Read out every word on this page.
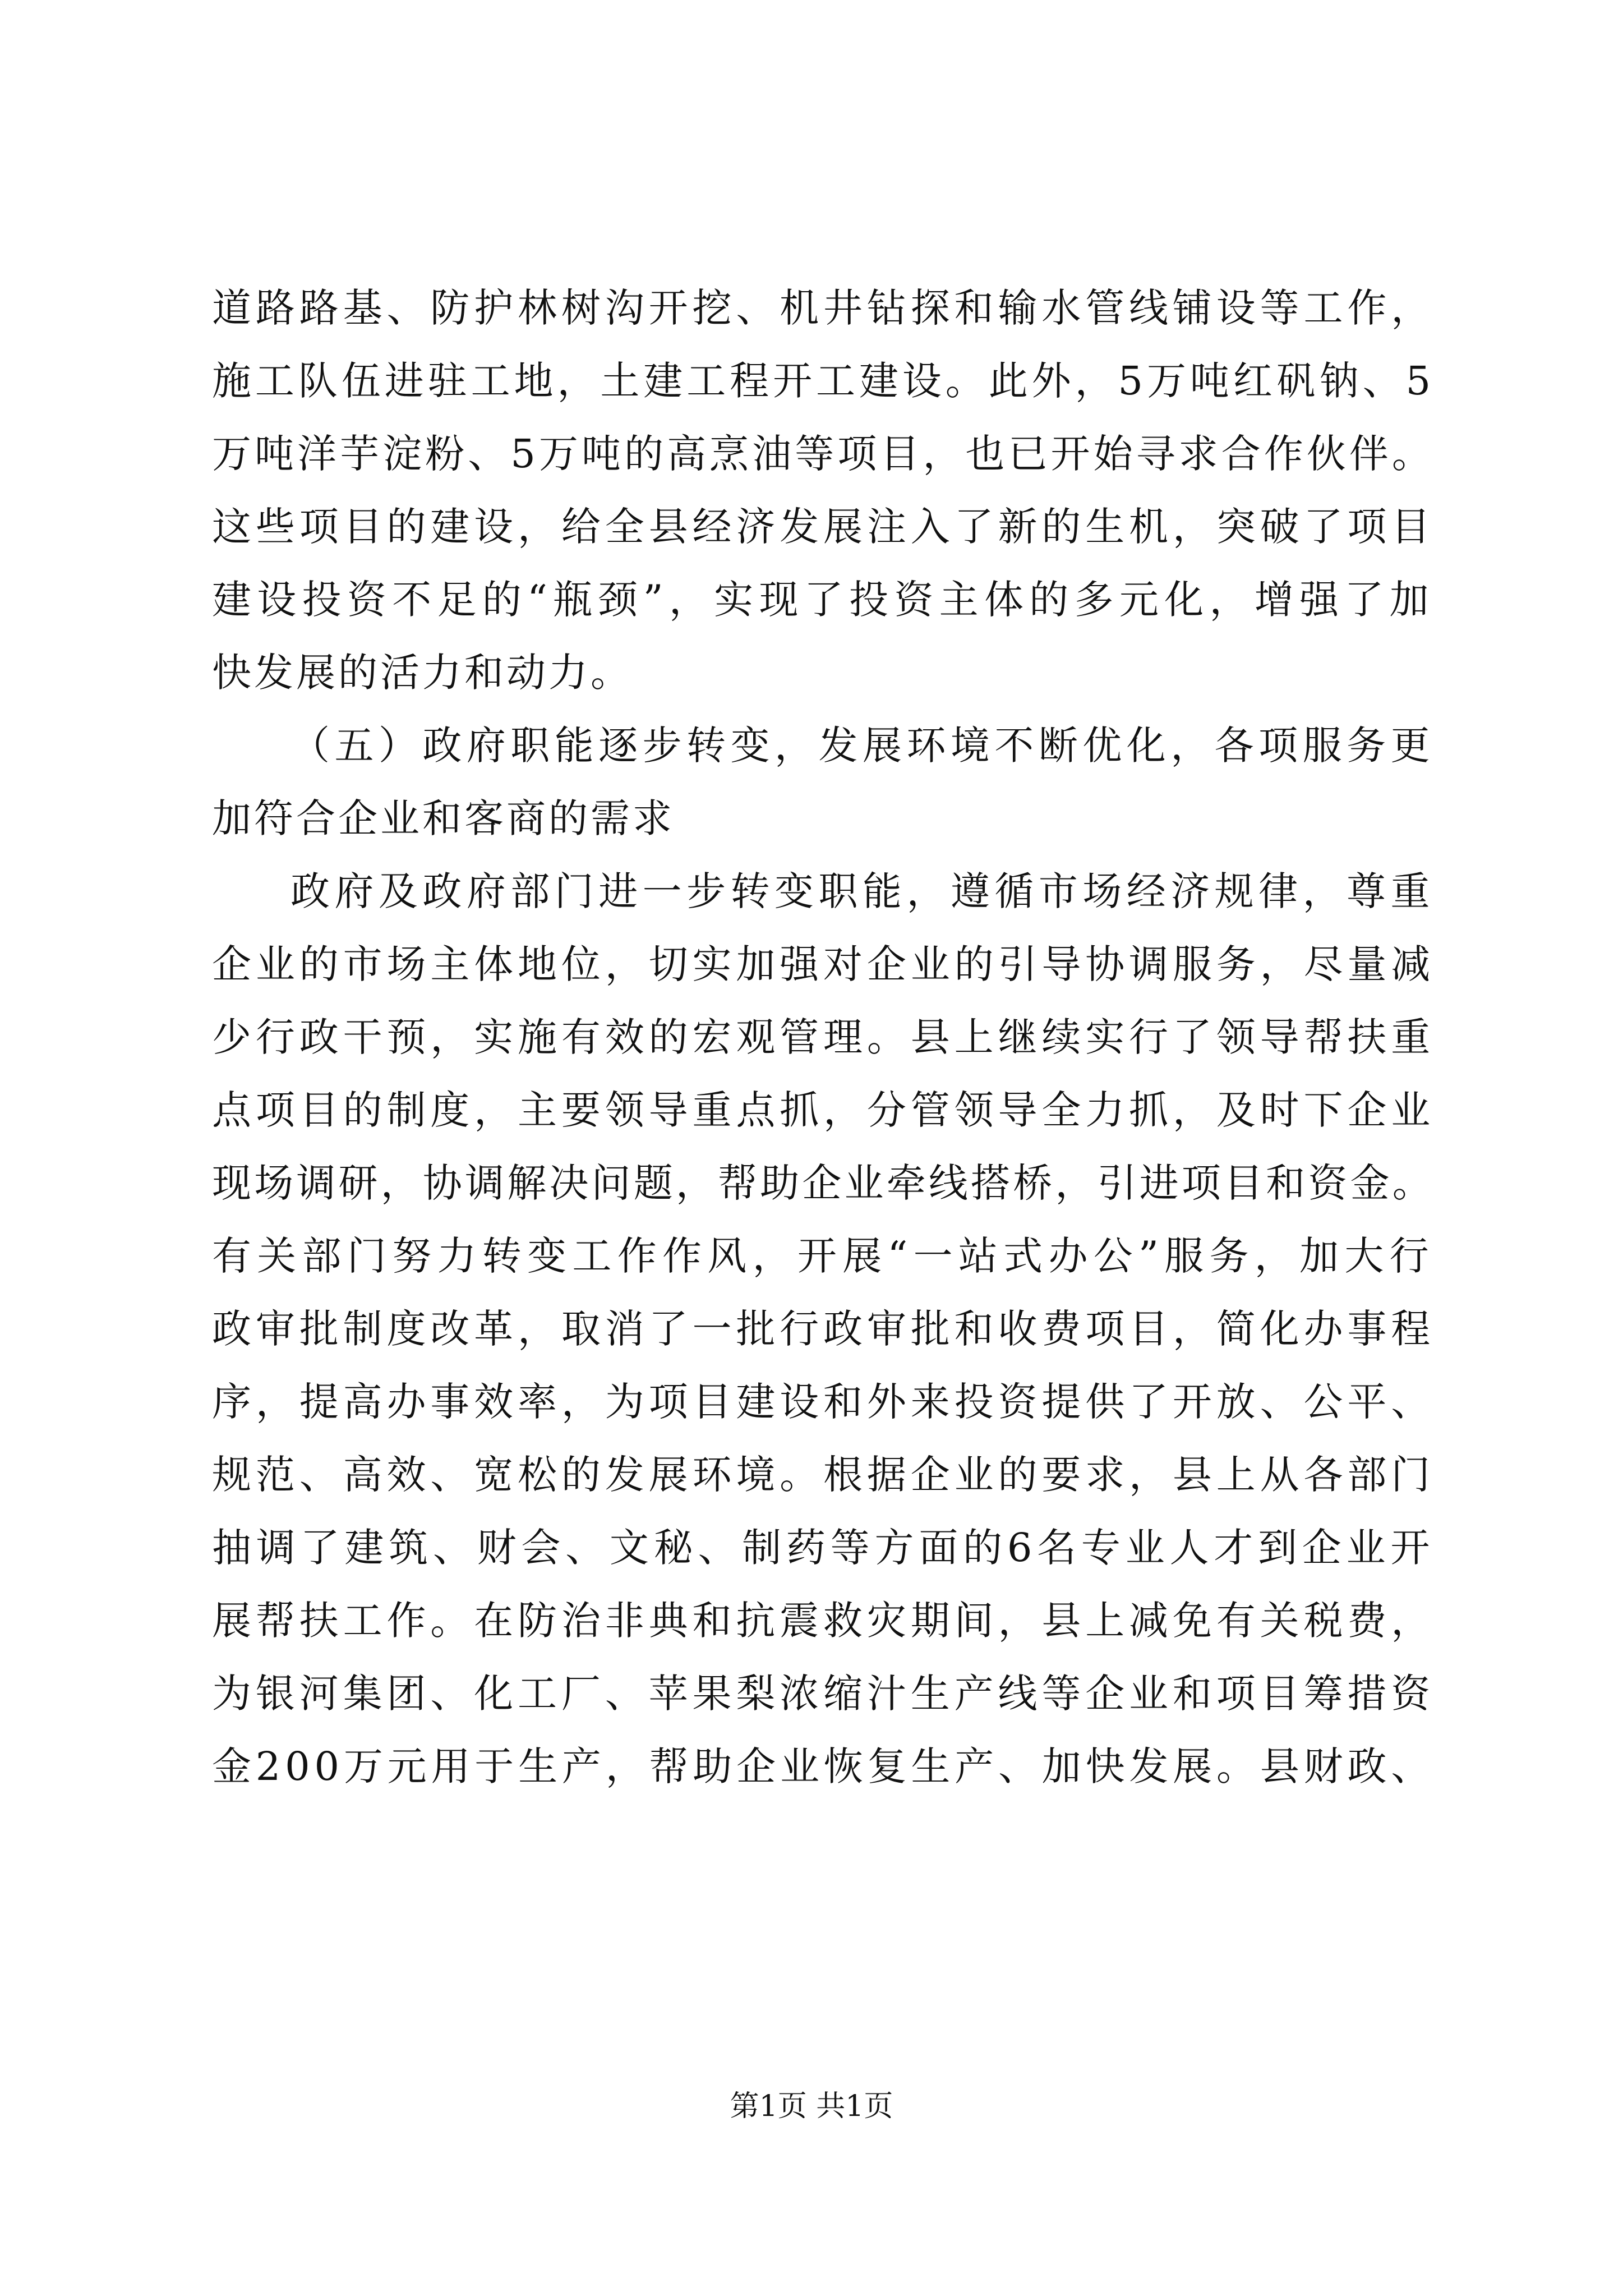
道路路基、防护林树沟开挖、机井钻探和输水管线铺设等工作，
施工队伍进驻工地，土建工程开工建设。此外，5万吨红矾钠、5
万吨洋芋淀粉、5万吨的高烹油等项目，也已开始寻求合作伙伴。
这些项目的建设，给全县经济发展注入了新的生机，突破了项目
建设投资不足的“瓶颈”，实现了投资主体的多元化，增强了加
快发展的活力和动力。
（五）政府职能逐步转变，发展环境不断优化，各项服务更
加符合企业和客商的需求
政府及政府部门进一步转变职能，遵循市场经济规律，尊重
企业的市场主体地位，切实加强对企业的引导协调服务，尽量减
少行政干预，实施有效的宏观管理。县上继续实行了领导帮扶重
点项目的制度，主要领导重点抓，分管领导全力抓，及时下企业
现场调研，协调解决问题，帮助企业牵线搭桥，引进项目和资金。
有关部门努力转变工作作风，开展“一站式办公”服务，加大行
政审批制度改革，取消了一批行政审批和收费项目，简化办事程
序，提高办事效率，为项目建设和外来投资提供了开放、公平、
规范、高效、宽松的发展环境。根据企业的要求，县上从各部门
抽调了建筑、财会、文秘、制药等方面的6名专业人才到企业开
展帮扶工作。在防治非典和抗震救灾期间，县上减免有关税费，
为银河集团、化工厂、苹果梨浓缩汁生产线等企业和项目筹措资
金200万元用于生产，帮助企业恢复生产、加快发展。县财政、
第1页 共1页
